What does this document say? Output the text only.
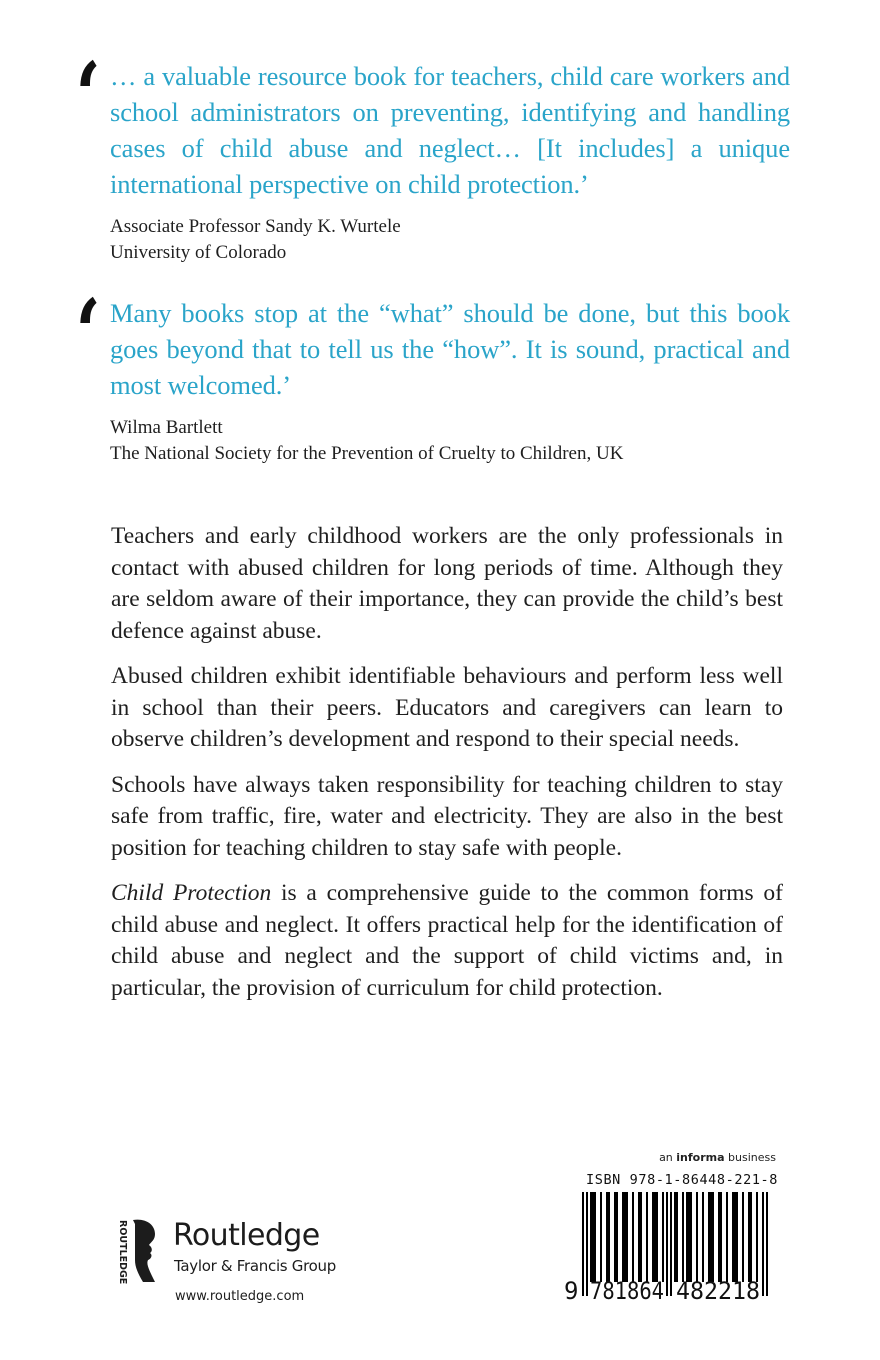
‘ … a valuable resource book for teachers, child care workers and school administrators on preventing, identifying and handling cases of child abuse and neglect… [It includes] a unique international perspective on child protection.’

Associate Professor Sandy K. Wurtele
University of Colorado
‘ Many books stop at the “what” should be done, but this book goes beyond that to tell us the “how”. It is sound, practical and most welcomed.’

Wilma Bartlett
The National Society for the Prevention of Cruelty to Children, UK

Teachers and early childhood workers are the only professionals in contact with abused children for long periods of time. Although they are seldom aware of their importance, they can provide the child’s best defence against abuse.

Abused children exhibit identifiable behaviours and perform less well in school than their peers. Educators and caregivers can learn to observe children’s development and respond to their special needs.

Schools have always taken responsibility for teaching children to stay safe from traffic, fire, water and electricity. They are also in the best position for teaching children to stay safe with people.

Child Protection is a comprehensive guide to the common forms of child abuse and neglect. It offers practical help for the identification of child abuse and neglect and the support of child victims and, in particular, the provision of curriculum for child protection.

ROUTLEDGE Routledge
Taylor & Francis Group
www.routledge.com
an informa business
ISBN 978-1-86448-221-8
9 781864 482218
